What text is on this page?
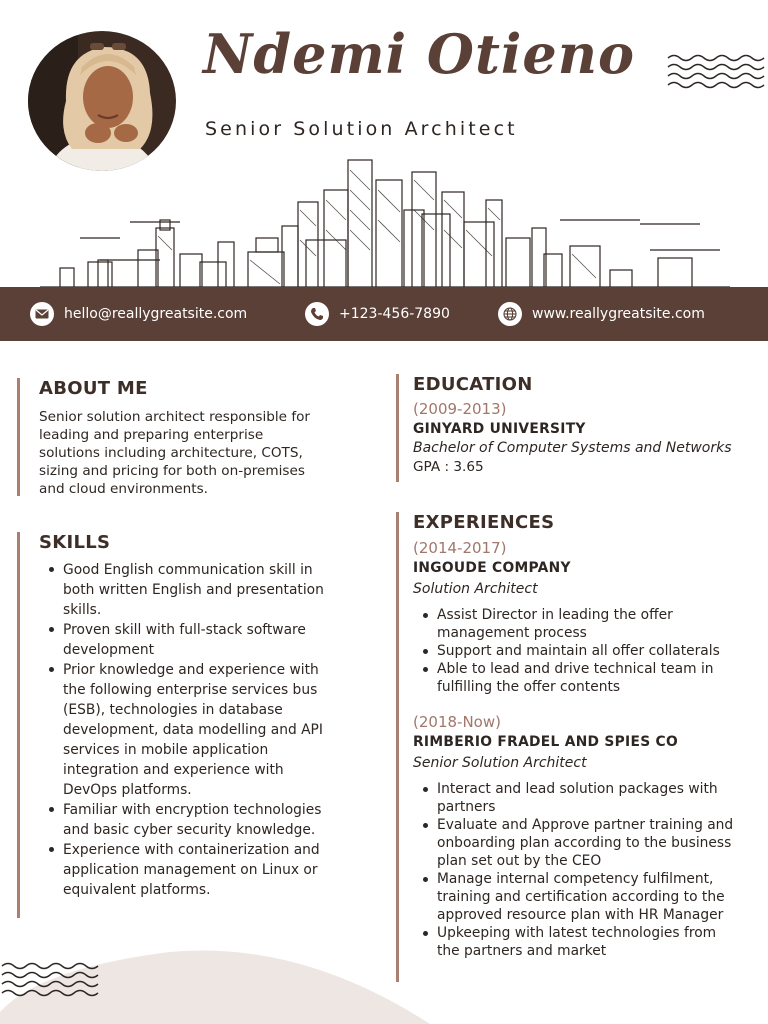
Ndemi Otieno
Senior Solution Architect
hello@reallygreatsite.com	+123-456-7890	www.reallygreatsite.com
ABOUT ME
Senior solution architect responsible for
leading and preparing enterprise
solutions including architecture, COTS,
sizing and pricing for both on-premises
and cloud environments.
SKILLS
Good English communication skill in both written English and presentation skills.
Proven skill with full-stack software development
Prior knowledge and experience with the following enterprise services bus (ESB), technologies in database development, data modelling and API services in mobile application integration and experience with DevOps platforms.
Familiar with encryption technologies and basic cyber security knowledge.
Experience with containerization and application management on Linux or equivalent platforms.
EDUCATION
(2009-2013)
GINYARD UNIVERSITY
Bachelor of Computer Systems and Networks
GPA : 3.65
EXPERIENCES
(2014-2017)
INGOUDE COMPANY
Solution Architect
Assist Director in leading the offer management process
Support and maintain all offer collaterals
Able to lead and drive technical team in fulfilling the offer contents
(2018-Now)
RIMBERIO FRADEL AND SPIES CO
Senior Solution Architect
Interact and lead solution packages with partners
Evaluate and Approve partner training and onboarding plan according to the business plan set out by the CEO
Manage internal competency fulfilment, training and certification according to the approved resource plan with HR Manager
Upkeeping with latest technologies from the partners and market
